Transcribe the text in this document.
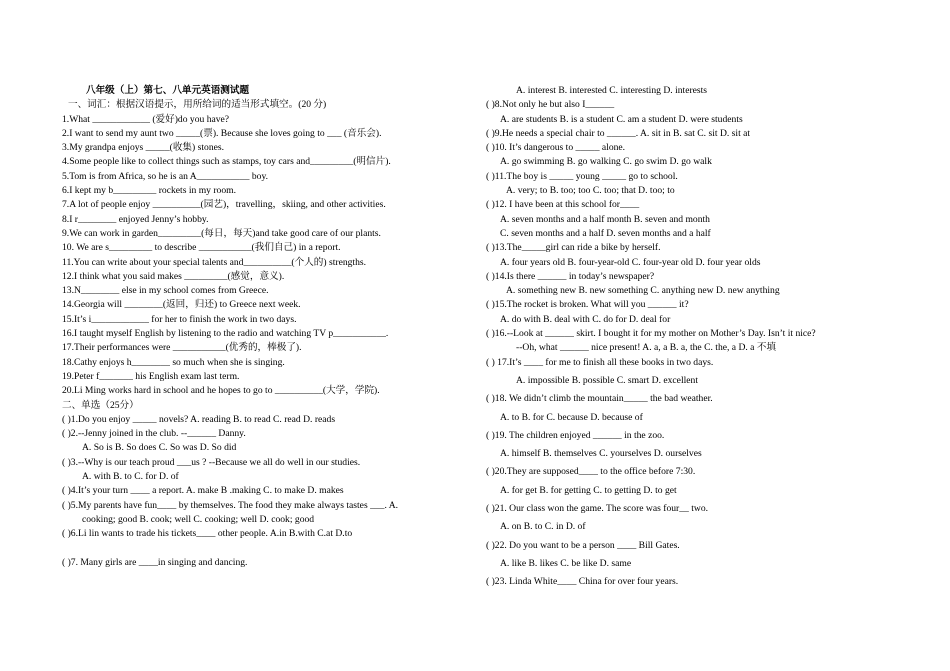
八年级（上）第七、八单元英语测试题
一、词汇：根据汉语提示，用所给词的适当形式填空。(20 分)
1.What ____________ (爱好)do you have?
2.I want to send my aunt two _____(票). Because she loves going to ___ (音乐会).
3.My grandpa enjoys _____(收集) stones.
4.Some people like to collect things such as stamps, toy cars and_________(明信片).
5.Tom is from Africa, so he is an A___________ boy.
6.I kept my b_________ rockets in my room.
7.A lot of people enjoy __________(园艺)，travelling，skiing, and other activities.
8.I r________ enjoyed Jenny’s hobby.
9.We can work in garden_________(每日，每天)and take good care of our plants.
10. We are s_________ to describe ___________(我们自己) in a report.
11.You can write about your special talents and__________(个人的) strengths.
12.I think what you said makes _________(感觉，意义).
13.N________ else in my school comes from Greece.
14.Georgia will ________(返回，归还) to Greece next week.
15.It’s i____________ for her to finish the work in two days.
16.I taught myself English by listening to the radio and watching TV p___________.
17.Their performances were ___________(优秀的，棒极了).
18.Cathy enjoys h________ so much when she is singing.
19.Peter f_______ his English exam last term.
20.Li Ming works hard in school and he hopes to go to __________(大学，学院).
二、单选（25分）
( )1.Do you enjoy _____ novels? A. reading B. to read C. read D. reads
( )2.--Jenny joined in the club. --______ Danny.
A. So is B. So does C. So was D. So did
( )3.--Why is our teach proud ___us ? --Because we all do well in our studies.
A. with B. to C. for D. of
( )4.It’s your turn ____ a report. A. make B .making C. to make D. makes
( )5.My parents have fun____ by themselves. The food they make always tastes ___. A.
cooking; good B. cook; well C. cooking; well D. cook; good
( )6.Li lin wants to trade his tickets____ other people. A.in B.with C.at D.to
( )7. Many girls are ____in singing and dancing.
A. interest B. interested C. interesting D. interests
( )8.Not only he but also I______
A. are students B. is a student C. am a student D. were students
( )9.He needs a special chair to ______. A. sit in B. sat C. sit D. sit at
( )10. It’s dangerous to _____ alone.
A. go swimming B. go walking C. go swim D. go walk
( )11.The boy is _____ young _____ go to school.
A. very; to B. too; too C. too; that D. too; to
( )12. I have been at this school for____
A. seven months and a half month B. seven and month
C. seven months and a half D. seven months and a half
( )13.The_____girl can ride a bike by herself.
A. four years old B. four-year-old C. four-year old D. four year olds
( )14.Is there ______ in today’s newspaper?
A. something new B. new something C. anything new D. new anything
( )15.The rocket is broken. What will you ______ it?
A. do with B. deal with C. do for D. deal for
( )16.--Look at ______ skirt. I bought it for my mother on Mother’s Day. Isn’t it nice?
--Oh, what ______ nice present! A. a, a B. a, the C. the, a D. a 不填
( ) 17.It’s ____ for me to finish all these books in two days.
A. impossible B. possible C. smart D. excellent
( )18. We didn’t climb the mountain_____ the bad weather.
A. to B. for C. because D. because of
( )19. The children enjoyed ______ in the zoo.
A. himself B. themselves C. yourselves D. ourselves
( )20.They are supposed____ to the office before 7:30.
A. for get B. for getting C. to getting D. to get
( )21. Our class won the game. The score was four__ two.
A. on B. to C. in D. of
( )22. Do you want to be a person ____ Bill Gates.
A. like B. likes C. be like D. same
( )23. Linda White____ China for over four years.
